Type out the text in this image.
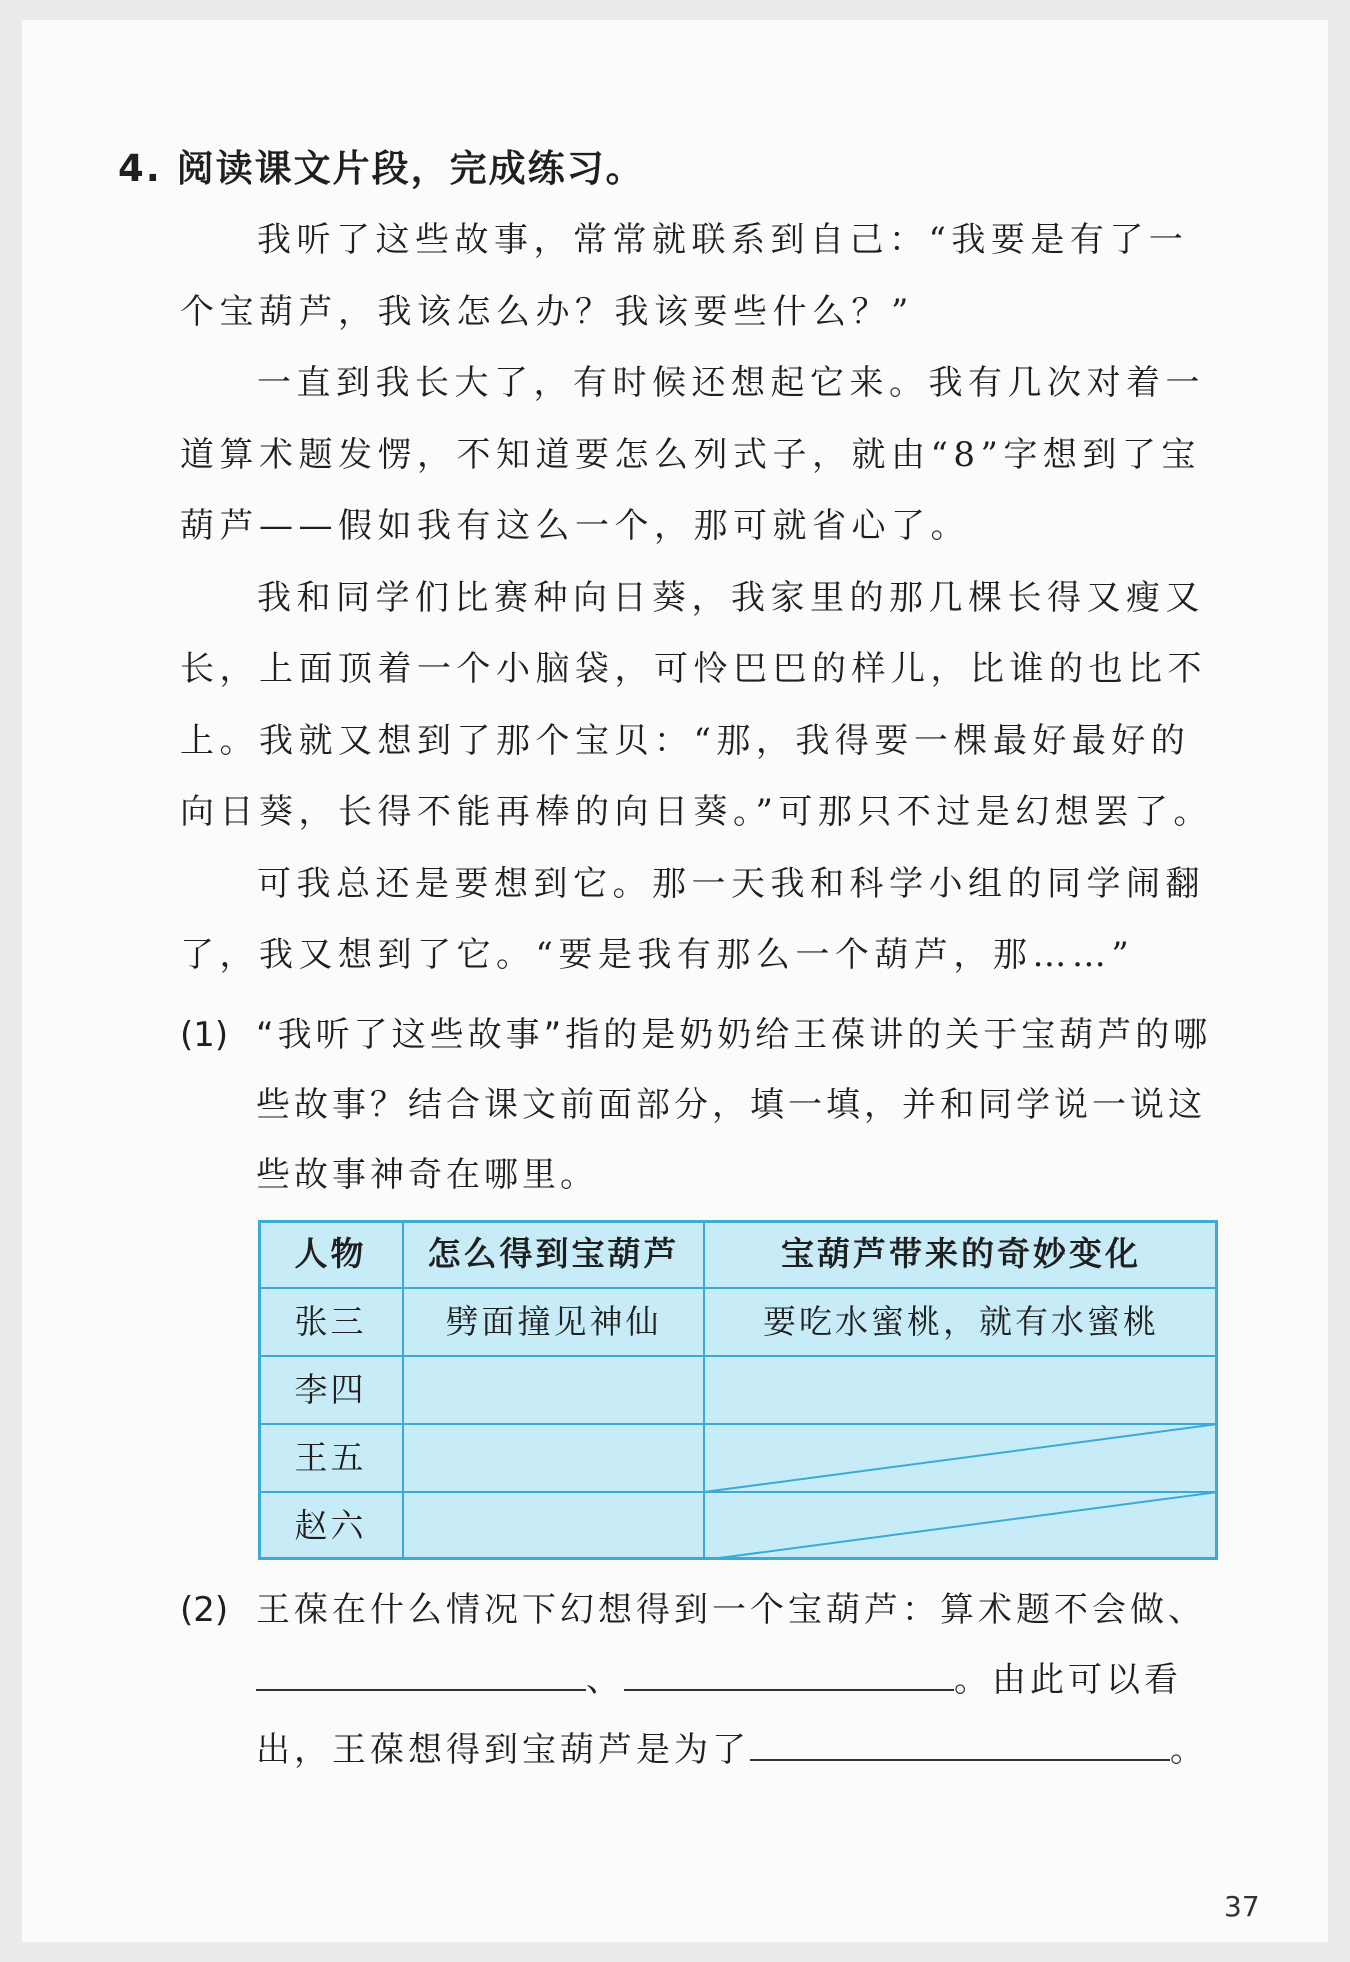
4. 阅读课文片段，完成练习。

我听了这些故事，常常就联系到自己：“我要是有了一个宝葫芦，我该怎么办？我该要些什么？”

一直到我长大了，有时候还想起它来。我有几次对着一道算术题发愣，不知道要怎么列式子，就由“8”字想到了宝葫芦——假如我有这么一个，那可就省心了。

我和同学们比赛种向日葵，我家里的那几棵长得又瘦又长，上面顶着一个小脑袋，可怜巴巴的样儿，比谁的也比不上。我就又想到了那个宝贝：“那，我得要一棵最好最好的向日葵，长得不能再棒的向日葵。”可那只不过是幻想罢了。

可我总还是要想到它。那一天我和科学小组的同学闹翻了，我又想到了它。“要是我有那么一个葫芦，那……”

(1) “我听了这些故事”指的是奶奶给王葆讲的关于宝葫芦的哪些故事？结合课文前面部分，填一填，并和同学说一说这些故事神奇在哪里。
人物	怎么得到宝葫芦	宝葫芦带来的奇妙变化
张三	劈面撞见神仙	要吃水蜜桃，就有水蜜桃
李四
王五
赵六
(2) 王葆在什么情况下幻想得到一个宝葫芦：算术题不会做、、	。由此可以看出，王葆想得到宝葫芦是为了	。
37
